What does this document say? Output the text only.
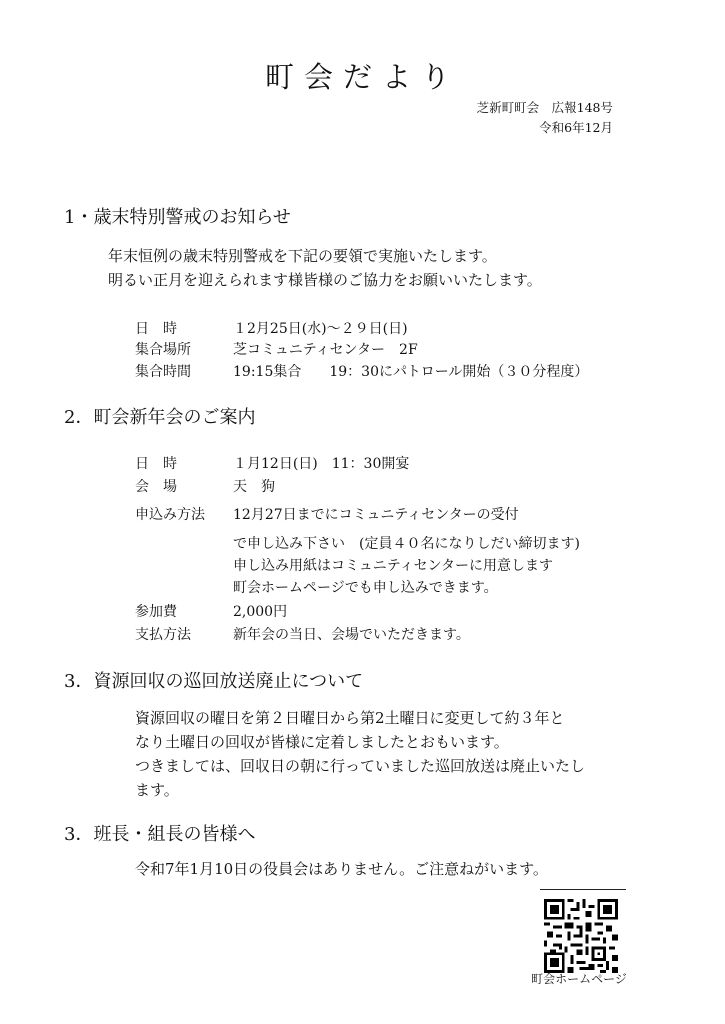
町会だより
芝新町町会　広報148号
令和6年12月
1・歳末特別警戒のお知らせ
年末恒例の歳末特別警戒を下記の要領で実施いたします。
明るい正月を迎えられます様皆様のご協力をお願いいたします。
日　時	１2月25日(水)～２９日(日)
集合場所	芝コミュニティセンター　2F
集合時間	19:15集合　　19：30にパトロール開始（３０分程度）
2．町会新年会のご案内
日　時	１月12日(日)　11：30開宴
会　場	天　狗
申込み方法 12月27日までにコミュニティセンターの受付
で申し込み下さい　(定員４０名になりしだい締切ます)
申し込み用紙はコミュニティセンターに用意します
町会ホームページでも申し込みできます。
参加費	2,000円
支払方法	新年会の当日、会場でいただきます。
3．資源回収の巡回放送廃止について
資源回収の曜日を第２日曜日から第2土曜日に変更して約３年と
なり土曜日の回収が皆様に定着しましたとおもいます。
つきましては、回収日の朝に行っていました巡回放送は廃止いたし
ます。
3．班長・組長の皆様へ
令和7年1月10日の役員会はありません。ご注意ねがいます。
町会ホームページ
